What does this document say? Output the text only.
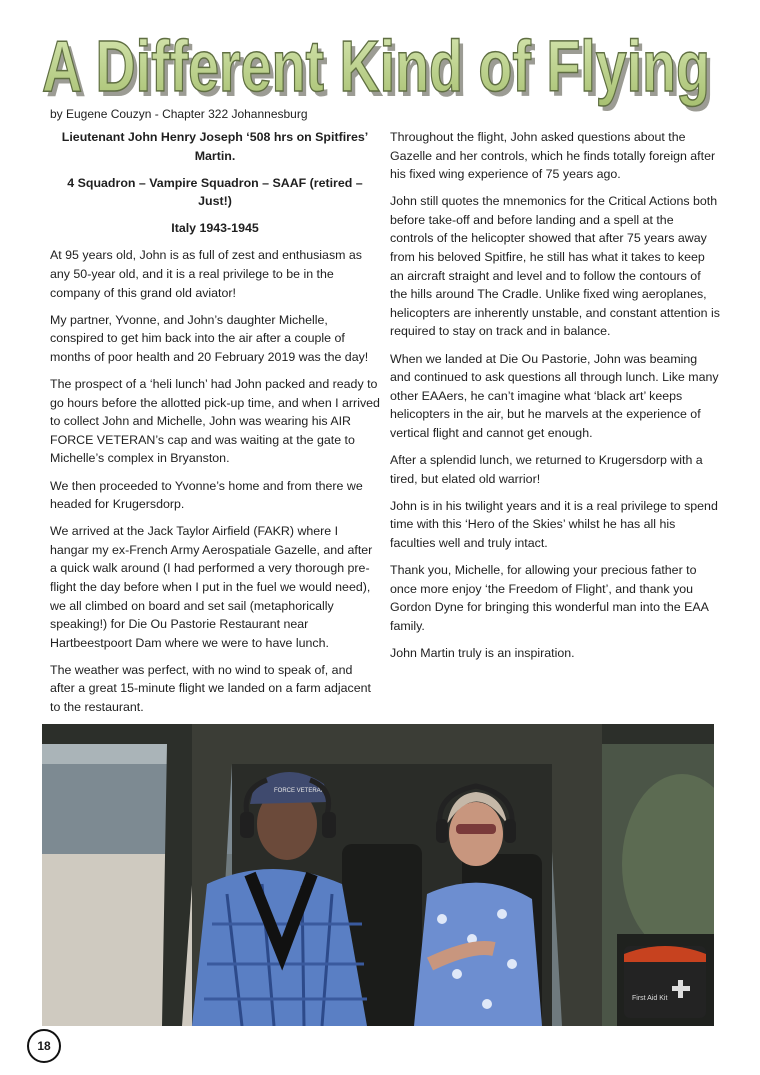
A Different Kind of Flying
A Different Kind of Flying
by Eugene Couzyn - Chapter 322 Johannesburg

Lieutenant John Henry Joseph ‘508 hrs on Spitfires’ Martin.

4 Squadron – Vampire Squadron – SAAF (retired – Just!)

Italy 1943-1945

At 95 years old, John is as full of zest and enthusiasm as any 50-year old, and it is a real privilege to be in the company of this grand old aviator!

My partner, Yvonne, and John’s daughter Michelle, conspired to get him back into the air after a couple of months of poor health and 20 February 2019 was the day!

The prospect of a ‘heli lunch’ had John packed and ready to go hours before the allotted pick-up time, and when I arrived to collect John and Michelle, John was wearing his AIR FORCE VETERAN’s cap and was waiting at the gate to Michelle’s complex in Bryanston.

We then proceeded to Yvonne’s home and from there we headed for Krugersdorp.

We arrived at the Jack Taylor Airfield (FAKR) where I hangar my ex-French Army Aerospatiale Gazelle, and after a quick walk around (I had performed a very thorough pre-flight the day before when I put in the fuel we would need), we all climbed on board and set sail (metaphorically speaking!) for Die Ou Pastorie Restaurant near Hartbeestpoort Dam where we were to have lunch.

The weather was perfect, with no wind to speak of, and after a great 15-minute flight we landed on a farm adjacent to the restaurant.

Throughout the flight, John asked questions about the Gazelle and her controls, which he finds totally foreign after his fixed wing experience of 75 years ago.

John still quotes the mnemonics for the Critical Actions both before take-off and before landing and a spell at the controls of the helicopter showed that after 75 years away from his beloved Spitfire, he still has what it takes to keep an aircraft straight and level and to follow the contours of the hills around The Cradle. Unlike fixed wing aeroplanes, helicopters are inherently unstable, and constant attention is required to stay on track and in balance.

When we landed at Die Ou Pastorie, John was beaming and continued to ask questions all through lunch. Like many other EAAers, he can’t imagine what ‘black art’ keeps helicopters in the air, but he marvels at the experience of vertical flight and cannot get enough.

After a splendid lunch, we returned to Krugersdorp with a tired, but elated old warrior!

John is in his twilight years and it is a real privilege to spend time with this ‘Hero of the Skies’ whilst he has all his faculties well and truly intact.

Thank you, Michelle, for allowing your precious father to once more enjoy ‘the Freedom of Flight’, and thank you Gordon Dyne for bringing this wonderful man into the EAA family.

John Martin truly is an inspiration.

First Aid Kit
FORCE VETERAN
18
